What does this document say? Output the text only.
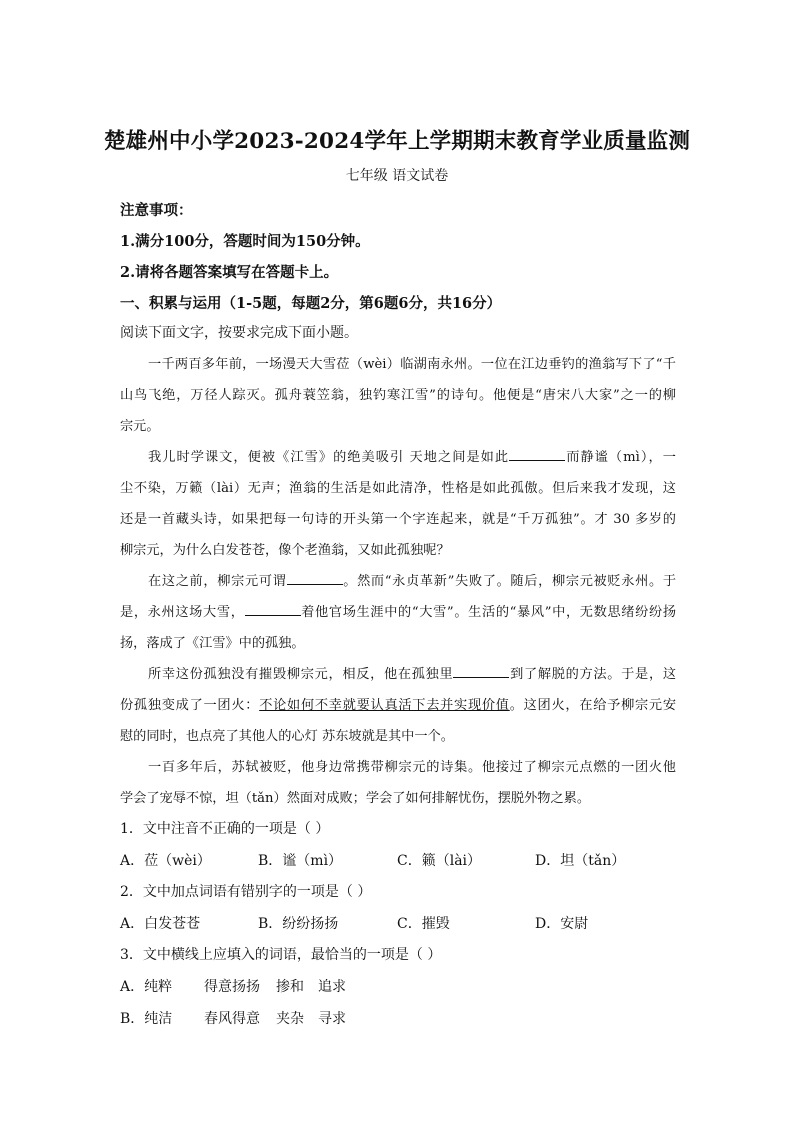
楚雄州中小学2023-2024学年上学期期末教育学业质量监测
七年级 语文试卷
注意事项：
1.满分100分，答题时间为150分钟。
2.请将各题答案填写在答题卡上。
一、积累与运用（1-5题，每题2分，第6题6分，共16分）
阅读下面文字，按要求完成下面小题。
一千两百多年前，一场漫天大雪莅（wèi）临湖南永州。一位在江边垂钓的渔翁写下了“千
山鸟飞绝，万径人踪灭。孤舟蓑笠翁，独钓寒江雪”的诗句。他便是“唐宋八大家”之一的柳
宗元。
我儿时学课文，便被《江雪》的绝美吸引 天地之间是如此	而静谧（mì），一
尘不染，万籁（lài）无声；渔翁的生活是如此清净，性格是如此孤傲。但后来我才发现，这
还是一首藏头诗，如果把每一句诗的开头第一个字连起来，就是“千万孤独”。才 30 多岁的
柳宗元，为什么白发苍苍，像个老渔翁，又如此孤独呢？
在这之前，柳宗元可谓	。然而“永贞革新”失败了。随后，柳宗元被贬永州。于
是，永州这场大雪，	着他官场生涯中的“大雪”。生活的“暴风”中，无数思绪纷纷扬
扬，落成了《江雪》中的孤独。
所幸这份孤独没有摧毁柳宗元，相反，他在孤独里	到了解脱的方法。于是，这
份孤独变成了一团火：不论如何不幸就要认真活下去并实现价值。这团火，在给予柳宗元安
慰的同时，也点亮了其他人的心灯 苏东坡就是其中一个。
一百多年后，苏轼被贬，他身边常携带柳宗元的诗集。他接过了柳宗元点燃的一团火他
学会了宠辱不惊，坦（tǎn）然面对成败；学会了如何排解忧伤，摆脱外物之累。
1．文中注音不正确的一项是（ ）
A．莅（wèi）	B．谧（mì）	C．籁（lài）	D．坦（tǎn）
2．文中加点词语有错别字的一项是（ ）
A．白发苍苍	B．纷纷扬扬	C．摧毁	D．安尉
3．文中横线上应填入的词语，最恰当的一项是（ ）
A．纯粹 得意扬扬 掺和 追求
B．纯洁 春风得意 夹杂 寻求
